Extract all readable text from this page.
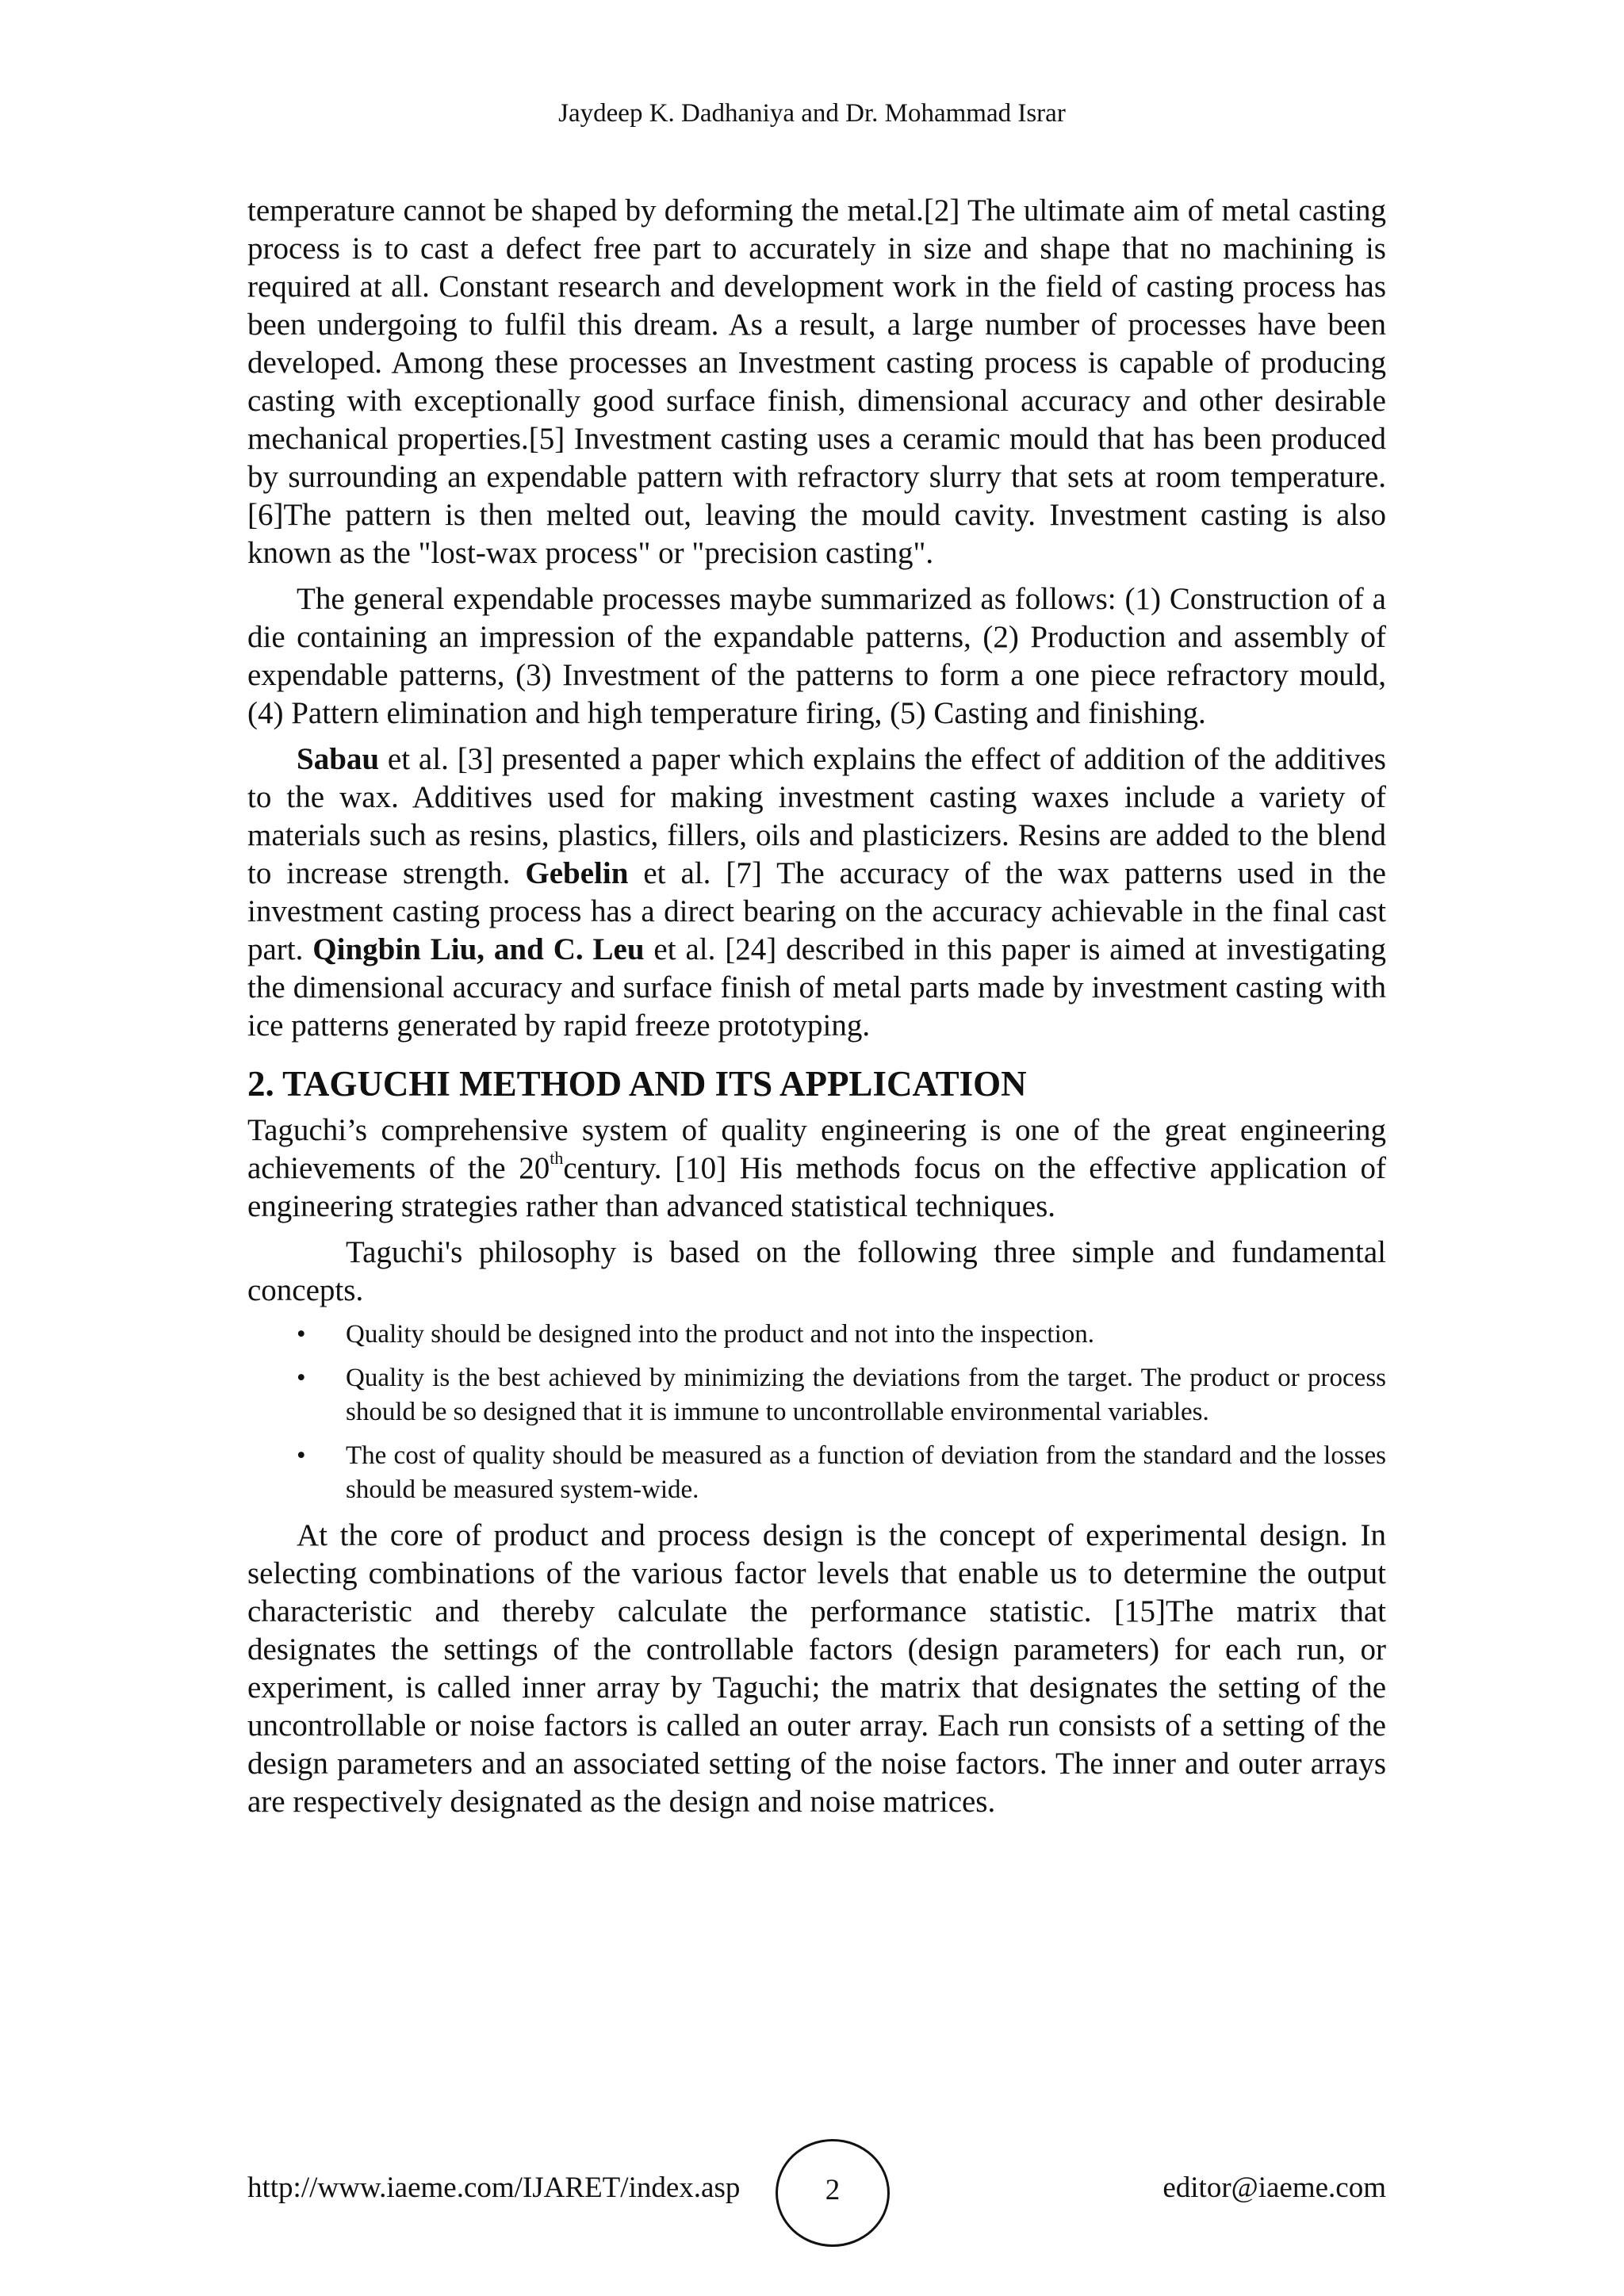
Jaydeep K. Dadhaniya and Dr. Mohammad Israr

temperature cannot be shaped by deforming the metal.[2] The ultimate aim of metal casting process is to cast a defect free part to accurately in size and shape that no machining is required at all. Constant research and development work in the field of casting process has been undergoing to fulfil this dream. As a result, a large number of processes have been developed. Among these processes an Investment casting process is capable of producing casting with exceptionally good surface finish, dimensional accuracy and other desirable mechanical properties.[5] Investment casting uses a ceramic mould that has been produced by surrounding an expendable pattern with refractory slurry that sets at room temperature.[6]The pattern is then melted out, leaving the mould cavity. Investment casting is also known as the "lost-wax process" or "precision casting".

The general expendable processes maybe summarized as follows: (1) Construction of a die containing an impression of the expandable patterns, (2) Production and assembly of expendable patterns, (3) Investment of the patterns to form a one piece refractory mould, (4) Pattern elimination and high temperature firing, (5) Casting and finishing.

Sabau et al. [3] presented a paper which explains the effect of addition of the additives to the wax. Additives used for making investment casting waxes include a variety of materials such as resins, plastics, fillers, oils and plasticizers. Resins are added to the blend to increase strength. Gebelin et al. [7] The accuracy of the wax patterns used in the investment casting process has a direct bearing on the accuracy achievable in the final cast part. Qingbin Liu, and C. Leu et al. [24] described in this paper is aimed at investigating the dimensional accuracy and surface finish of metal parts made by investment casting with ice patterns generated by rapid freeze prototyping.

2. TAGUCHI METHOD AND ITS APPLICATION

Taguchi’s comprehensive system of quality engineering is one of the great engineering achievements of the 20thcentury. [10] His methods focus on the effective application of engineering strategies rather than advanced statistical techniques.

Taguchi's philosophy is based on the following three simple and fundamental concepts.

• Quality should be designed into the product and not into the inspection.
• Quality is the best achieved by minimizing the deviations from the target. The product or process should be so designed that it is immune to uncontrollable environmental variables.
• The cost of quality should be measured as a function of deviation from the standard and the losses should be measured system-wide.

At the core of product and process design is the concept of experimental design. In selecting combinations of the various factor levels that enable us to determine the output characteristic and thereby calculate the performance statistic. [15]The matrix that designates the settings of the controllable factors (design parameters) for each run, or experiment, is called inner array by Taguchi; the matrix that designates the setting of the uncontrollable or noise factors is called an outer array. Each run consists of a setting of the design parameters and an associated setting of the noise factors. The inner and outer arrays are respectively designated as the design and noise matrices.

http://www.iaeme.com/IJARET/index.asp	2	editor@iaeme.com
